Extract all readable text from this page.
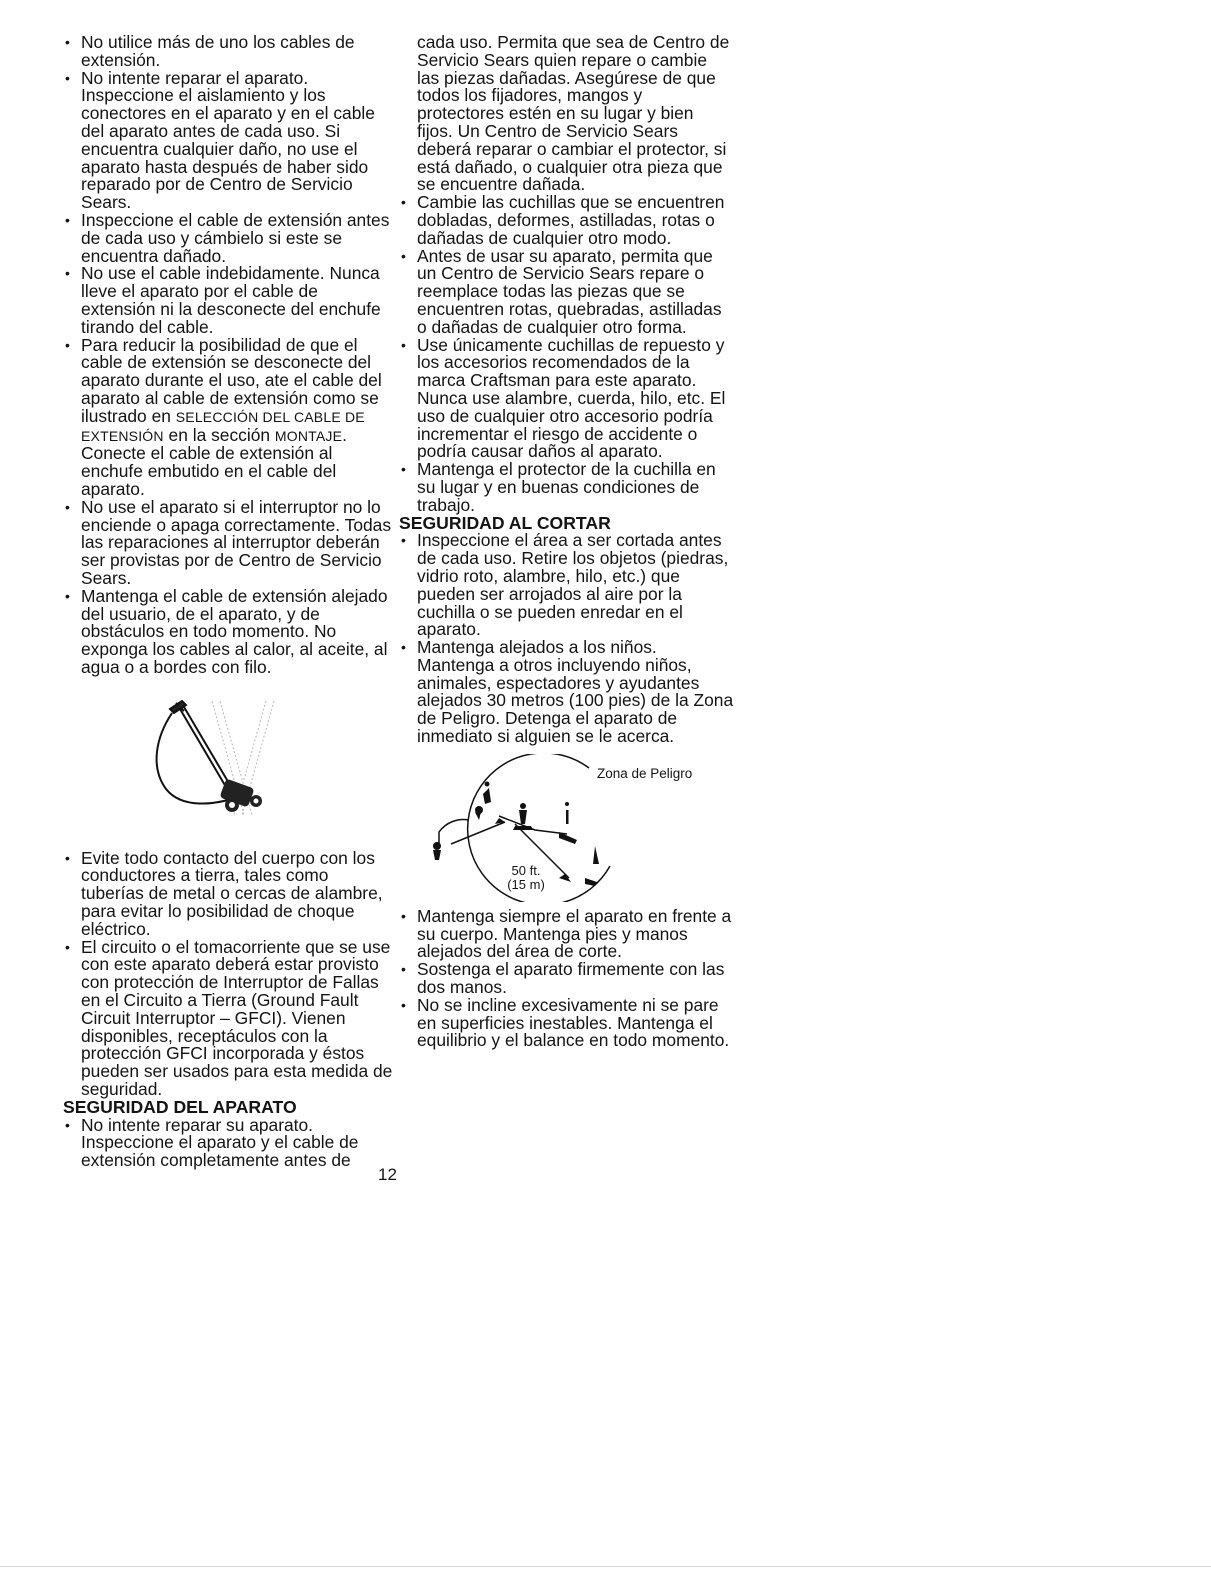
• No utilice más de uno los cables de extensión.
• No intente reparar el aparato. Inspeccione el aislamiento y los conectores en el aparato y en el cable del aparato antes de cada uso. Si encuentra cualquier daño, no use el aparato hasta después de haber sido reparado por de Centro de Servicio Sears.
• Inspeccione el cable de extensión antes de cada uso y cámbielo si este se encuentra dañado.
• No use el cable indebidamente. Nunca lleve el aparato por el cable de extensión ni la desconecte del enchufe tirando del cable.
• Para reducir la posibilidad de que el cable de extensión se desconecte del aparato durante el uso, ate el cable del aparato al cable de extensión como se ilustrado en SELECCIÓN DEL CABLE DE EXTENSIÓN en la sección MONTAJE. Conecte el cable de extensión al enchufe embutido en el cable del aparato.
• No use el aparato si el interruptor no lo enciende o apaga correctamente. Todas las reparaciones al interruptor deberán ser provistas por de Centro de Servicio Sears.
• Mantenga el cable de extensión alejado del usuario, de el aparato, y de obstáculos en todo momento. No exponga los cables al calor, al aceite, al agua o a bordes con filo.
• Evite todo contacto del cuerpo con los conductores a tierra, tales como tuberías de metal o cercas de alambre, para evitar lo posibilidad de choque eléctrico.
• El circuito o el tomacorriente que se use con este aparato deberá estar provisto con protección de Interruptor de Fallas en el Circuito a Tierra (Ground Fault Circuit Interruptor – GFCI). Vienen disponibles, receptáculos con la protección GFCI incorporada y éstos pueden ser usados para esta medida de seguridad.
SEGURIDAD DEL APARATO
• No intente reparar su aparato. Inspeccione el aparato y el cable de extensión completamente antes de
cada uso. Permita que sea de Centro de Servicio Sears quien repare o cambie las piezas dañadas. Asegúrese de que todos los fijadores, mangos y protectores estén en su lugar y bien fijos. Un Centro de Servicio Sears deberá reparar o cambiar el protector, si está dañado, o cualquier otra pieza que se encuentre dañada.
• Cambie las cuchillas que se encuentren dobladas, deformes, astilladas, rotas o dañadas de cualquier otro modo.
• Antes de usar su aparato, permita que un Centro de Servicio Sears repare o reemplace todas las piezas que se encuentren rotas, quebradas, astilladas o dañadas de cualquier otro forma.
• Use únicamente cuchillas de repuesto y los accesorios recomendados de la marca Craftsman para este aparato. Nunca use alambre, cuerda, hilo, etc. El uso de cualquier otro accesorio podría incrementar el riesgo de accidente o podría causar daños al aparato.
• Mantenga el protector de la cuchilla en su lugar y en buenas condiciones de trabajo.
SEGURIDAD AL CORTAR
• Inspeccione el área a ser cortada antes de cada uso. Retire los objetos (piedras, vidrio roto, alambre, hilo, etc.) que pueden ser arrojados al aire por la cuchilla o se pueden enredar en el aparato.
• Mantenga alejados a los niños. Mantenga a otros incluyendo niños, animales, espectadores y ayudantes alejados 30 metros (100 pies) de la Zona de Peligro. Detenga el aparato de inmediato si alguien se le acerca.
Zona de Peligro
50 ft.
(15 m)
• Mantenga siempre el aparato en frente a su cuerpo. Mantenga pies y manos alejados del área de corte.
• Sostenga el aparato firmemente con las dos manos.
• No se incline excesivamente ni se pare en superficies inestables. Mantenga el equilibrio y el balance en todo momento.
12
